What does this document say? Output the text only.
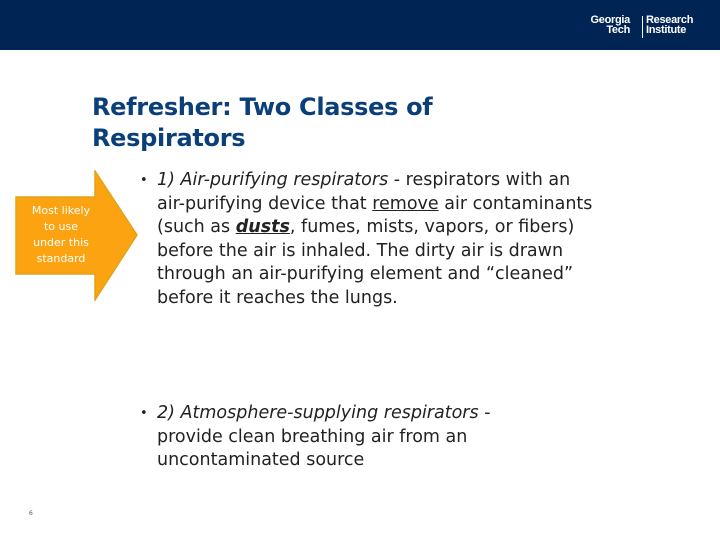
Georgia
Tech
Research
Institute
Refresher: Two Classes of
Respirators
Most likely
to use
under this
standard
• 1) Air-purifying respirators - respirators with an air-purifying device that remove air contaminants (such as dusts, fumes, mists, vapors, or fibers) before the air is inhaled. The dirty air is drawn through an air-purifying element and “cleaned” before it reaches the lungs.
• 2) Atmosphere-supplying respirators -
provide clean breathing air from an uncontaminated source
6
